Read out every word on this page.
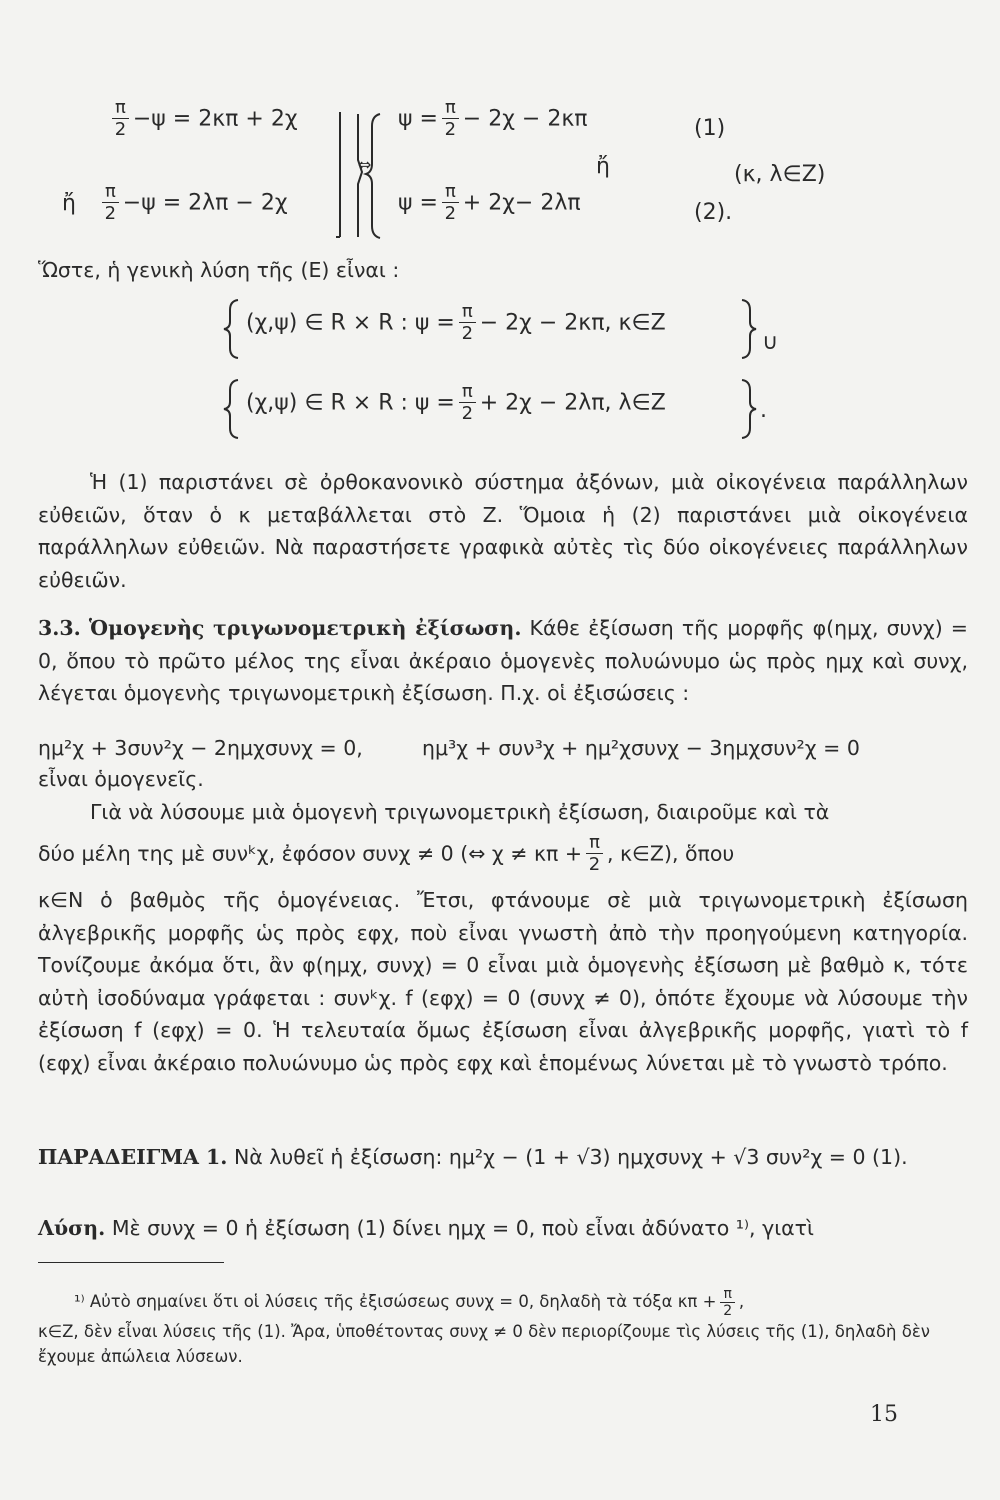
$\frac{\pi}{2} -\psi = 2\kappa\pi + 2\chi$
ἤ $\frac{\pi}{2} -\psi = 2\lambda\pi - 2\chi$
⇔
$\psi = \frac{\pi}{2} - 2\chi - 2\kappa\pi$	(1)
ἤ
$\psi = \frac{\pi}{2} + 2\chi- 2\lambda\pi$	(2).
(κ, λ∈Z)
Ὥστε, ἡ γενικὴ λύση τῆς (Ε) εἶναι :
(χ,ψ) ∈ R × R : $\psi = \frac{\pi}{2} - 2\chi - 2\kappa\pi$, κ∈Z
∪
(χ,ψ) ∈ R × R : $\psi = \frac{\pi}{2} + 2\chi - 2\lambda\pi$, λ∈Z	.

Ἡ (1) παριστάνει σὲ ὀρθοκανονικὸ σύστημα ἀξόνων, μιὰ οἰκογένεια παράλληλων εὐθειῶν, ὅταν ὁ κ μεταβάλλεται στὸ Z. Ὅμοια ἡ (2) παριστάνει μιὰ οἰκογένεια παράλληλων εὐθειῶν. Νὰ παραστήσετε γραφικὰ αὐτὲς τὶς δύο οἰκογένειες παράλληλων εὐθειῶν.

3.3. Ὁμογενὴς τριγωνομετρικὴ ἐξίσωση. Κάθε ἐξίσωση τῆς μορφῆς φ(ημχ, συνχ) = 0, ὅπου τὸ πρῶτο μέλος της εἶναι ἀκέραιο ὁμογενὲς πολυώνυμο ὡς πρὸς ημχ καὶ συνχ, λέγεται ὁμογενὴς τριγωνομετρικὴ ἐξίσωση. Π.χ. οἱ ἐξισώσεις :

ημ²χ + 3συν²χ − 2ημχσυνχ = 0,	ημ³χ + συν³χ + ημ²χσυνχ − 3ημχσυν²χ = 0
εἶναι ὁμογενεῖς.
Γιὰ νὰ λύσουμε μιὰ ὁμογενὴ τριγωνομετρικὴ ἐξίσωση, διαιροῦμε καὶ τὰ
δύο μέλη της μὲ συνᵏχ, ἐφόσον συνχ ≠ 0 (⇔ $\chi \ne \kappa\pi + \frac{\pi}{2}$ , κ∈Z), ὅπου

κ∈N ὁ βαθμὸς τῆς ὁμογένειας. Ἔτσι, φτάνουμε σὲ μιὰ τριγωνομετρικὴ ἐξίσωση ἀλγεβρικῆς μορφῆς ὡς πρὸς εφχ, ποὺ εἶναι γνωστὴ ἀπὸ τὴν προηγούμενη κατηγορία. Τονίζουμε ἀκόμα ὅτι, ἂν φ(ημχ, συνχ) = 0 εἶναι μιὰ ὁμογενὴς ἐξίσωση μὲ βαθμὸ κ, τότε αὐτὴ ἰσοδύναμα γράφεται : συνᵏχ. f (εφχ) = 0 (συνχ ≠ 0), ὁπότε ἔχουμε νὰ λύσουμε τὴν ἐξίσωση f (εφχ) = 0. Ἡ τελευταία ὅμως ἐξίσωση εἶναι ἀλγεβρικῆς μορφῆς, γιατὶ τὸ f (εφχ) εἶναι ἀκέραιο πολυώνυμο ὡς πρὸς εφχ καὶ ἑπομένως λύνεται μὲ τὸ γνωστὸ τρόπο.

ΠΑΡΑΔΕΙΓΜΑ 1. Νὰ λυθεῖ ἡ ἐξίσωση: ημ²χ − (1 + √3) ημχσυνχ + √3 συν²χ = 0 (1).

Λύση. Μὲ συνχ = 0 ἡ ἐξίσωση (1) δίνει ημχ = 0, ποὺ εἶναι ἀδύνατο ¹⁾, γιατὶ

¹⁾ Αὐτὸ σημαίνει ὅτι οἱ λύσεις τῆς ἐξισώσεως συνχ = 0, δηλαδὴ τὰ τόξα $\kappa\pi + \frac{\pi}{2}$ ,
κ∈Z, δὲν εἶναι λύσεις τῆς (1). Ἄρα, ὑποθέτοντας συνχ ≠ 0 δὲν περιορίζουμε τὶς λύσεις τῆς (1), δηλαδὴ δὲν ἔχουμε ἀπώλεια λύσεων.
15
